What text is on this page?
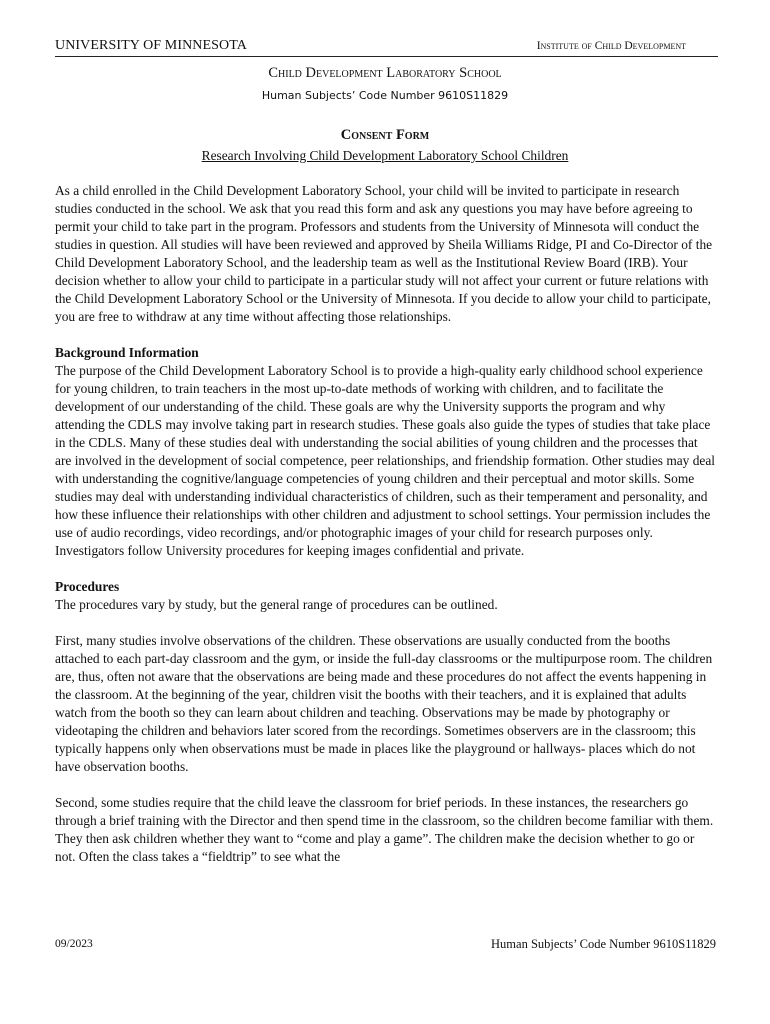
UNIVERSITY OF MINNESOTA	Institute of Child Development
Child Development Laboratory School
Human Subjects’ Code Number 9610S11829
Consent Form
Research Involving Child Development Laboratory School Children

As a child enrolled in the Child Development Laboratory School, your child will be invited to participate in research studies conducted in the school. We ask that you read this form and ask any questions you may have before agreeing to permit your child to take part in the program. Professors and students from the University of Minnesota will conduct the studies in question. All studies will have been reviewed and approved by Sheila Williams Ridge, PI and Co-Director of the Child Development Laboratory School, and the leadership team as well as the Institutional Review Board (IRB). Your decision whether to allow your child to participate in a particular study will not affect your current or future relations with the Child Development Laboratory School or the University of Minnesota. If you decide to allow your child to participate, you are free to withdraw at any time without affecting those relationships.

Background Information

The purpose of the Child Development Laboratory School is to provide a high-quality early childhood school experience for young children, to train teachers in the most up-to-date methods of working with children, and to facilitate the development of our understanding of the child. These goals are why the University supports the program and why attending the CDLS may involve taking part in research studies. These goals also guide the types of studies that take place in the CDLS. Many of these studies deal with understanding the social abilities of young children and the processes that are involved in the development of social competence, peer relationships, and friendship formation. Other studies may deal with understanding the cognitive/language competencies of young children and their perceptual and motor skills. Some studies may deal with understanding individual characteristics of children, such as their temperament and personality, and how these influence their relationships with other children and adjustment to school settings. Your permission includes the use of audio recordings, video recordings, and/or photographic images of your child for research purposes only. Investigators follow University procedures for keeping images confidential and private.

Procedures

The procedures vary by study, but the general range of procedures can be outlined.

First, many studies involve observations of the children. These observations are usually conducted from the booths attached to each part-day classroom and the gym, or inside the full-day classrooms or the multipurpose room. The children are, thus, often not aware that the observations are being made and these procedures do not affect the events happening in the classroom. At the beginning of the year, children visit the booths with their teachers, and it is explained that adults watch from the booth so they can learn about children and teaching. Observations may be made by photography or videotaping the children and behaviors later scored from the recordings. Sometimes observers are in the classroom; this typically happens only when observations must be made in places like the playground or hallways- places which do not have observation booths.

Second, some studies require that the child leave the classroom for brief periods. In these instances, the researchers go through a brief training with the Director and then spend time in the classroom, so the children become familiar with them. They then ask children whether they want to “come and play a game”. The children make the decision whether to go or not. Often the class takes a “fieldtrip” to see what the

09/2023	Human Subjects’ Code Number 9610S11829
